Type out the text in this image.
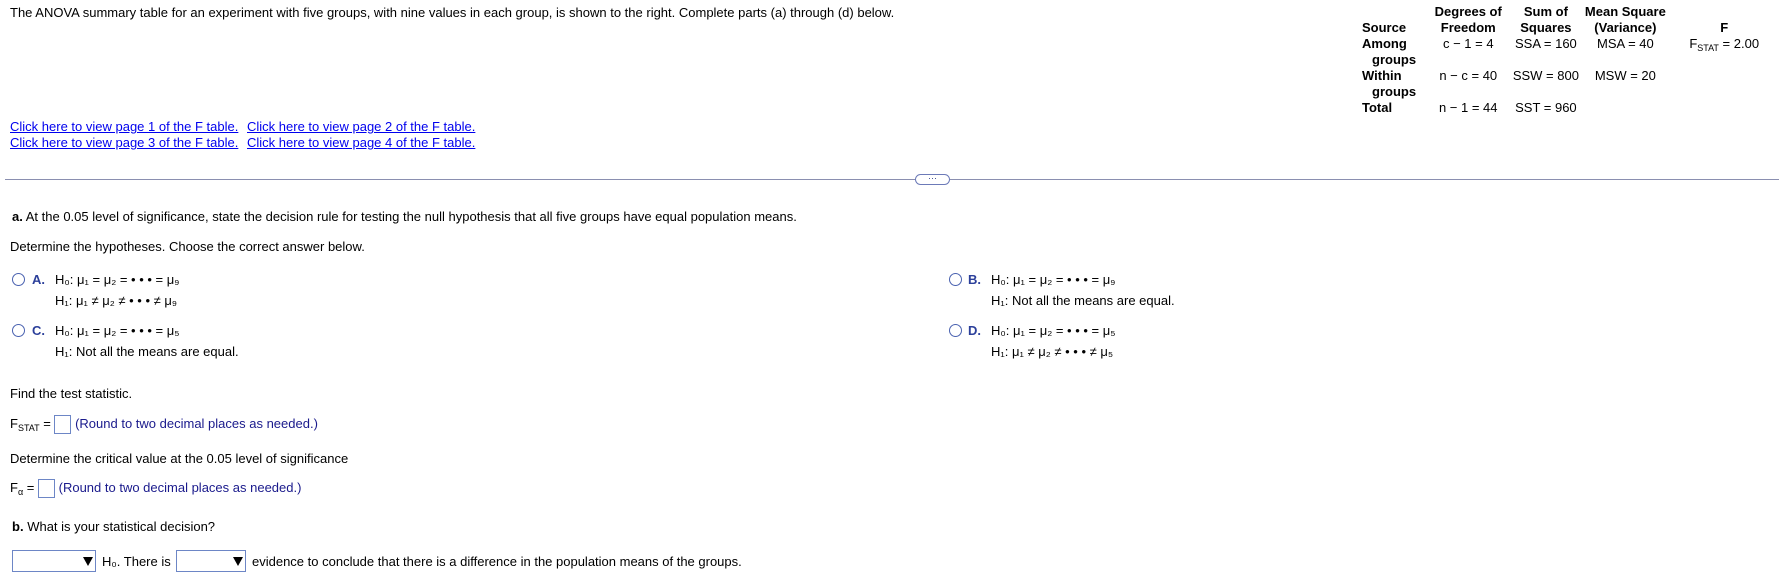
The ANOVA summary table for an experiment with five groups, with nine values in each group, is shown to the right. Complete parts (a) through (d) below.
Click here to view page 1 of the F table. Click here to view page 2 of the F table.
Click here to view page 3 of the F table. Click here to view page 4 of the F table.
	Degrees of	Sum of	Mean Square	
Source	Freedom	Squares	(Variance)	F
Among
groups	c − 1 = 4	SSA = 160	MSA = 40	$F_{STAT} = 2.00$
Within
groups	n − c = 40	SSW = 800	MSW = 20	
Total	n − 1 = 44	SST = 960		
···
a. At the 0.05 level of significance, state the decision rule for testing the null hypothesis that all five groups have equal population means.
Determine the hypotheses. Choose the correct answer below.
A. H₀: μ₁ = μ₂ = • • • = μ₉
H₁: μ₁ ≠ μ₂ ≠ • • • ≠ μ₉
B. H₀: μ₁ = μ₂ = • • • = μ₉
H₁: Not all the means are equal.
C. H₀: μ₁ = μ₂ = • • • = μ₅
H₁: Not all the means are equal.
D. H₀: μ₁ = μ₂ = • • • = μ₅
H₁: μ₁ ≠ μ₂ ≠ • • • ≠ μ₅
Find the test statistic.
$F_{STAT}$ = (Round to two decimal places as needed.)
Determine the critical value at the 0.05 level of significance
$F_\alpha$ = (Round to two decimal places as needed.)
b. What is your statistical decision?
H₀. There is	evidence to conclude that there is a difference in the population means of the groups.
